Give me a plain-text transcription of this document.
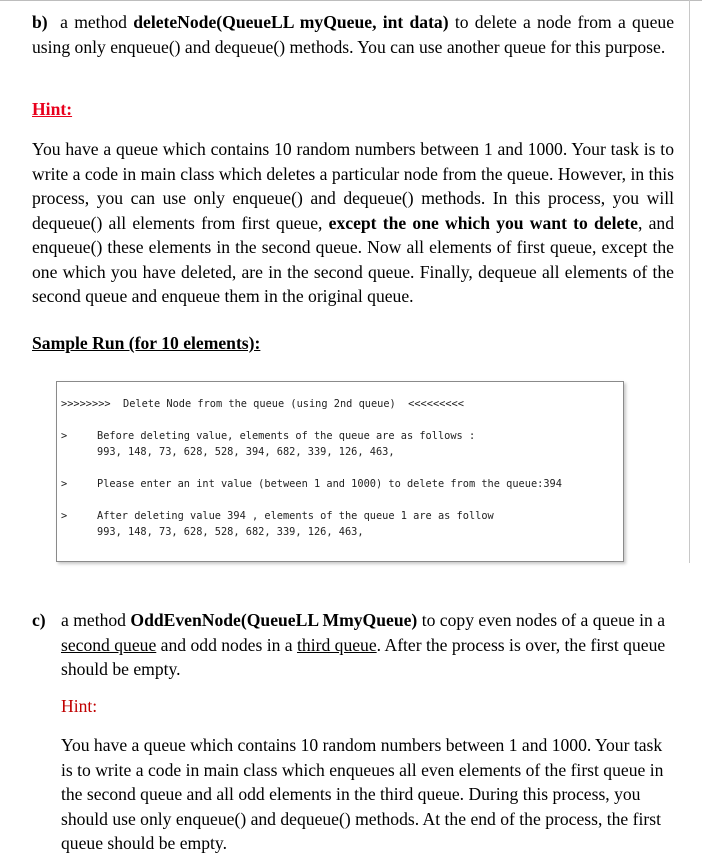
b) a method deleteNode(QueueLL myQueue, int data) to delete a node from a queue using only enqueue() and dequeue() methods. You can use another queue for this purpose.

Hint:
You have a queue which contains 10 random numbers between 1 and 1000. Your task is to write a code in main class which deletes a particular node from the queue. However, in this process, you can use only enqueue() and dequeue() methods. In this process, you will dequeue() all elements from first queue, except the one which you want to delete, and enqueue() these elements in the second queue. Now all elements of first queue, except the one which you have deleted, are in the second queue. Finally, dequeue all elements of the second queue and enqueue them in the original queue.
Sample Run (for 10 elements):

>>>>>>>>  Delete Node from the queue (using 2nd queue)  <<<<<<<<<

>

	Before deleting value, elements of the queue are as follows :

993, 148, 73, 628, 528, 394, 682, 339, 126, 463,

>

	Please enter an int value (between 1 and 1000) to delete from the queue:394

>

	After deleting value 394 , elements of the queue 1 are as follow

993, 148, 73, 628, 528, 682, 339, 126, 463,

c) a method OddEvenNode(QueueLL MmyQueue) to copy even nodes of a queue in a second queue and odd nodes in a third queue. After the process is over, the first queue should be empty.
Hint:
You have a queue which contains 10 random numbers between 1 and 1000. Your task is to write a code in main class which enqueues all even elements of the first queue in the second queue and all odd elements in the third queue. During this process, you should use only enqueue() and dequeue() methods. At the end of the process, the first queue should be empty.
